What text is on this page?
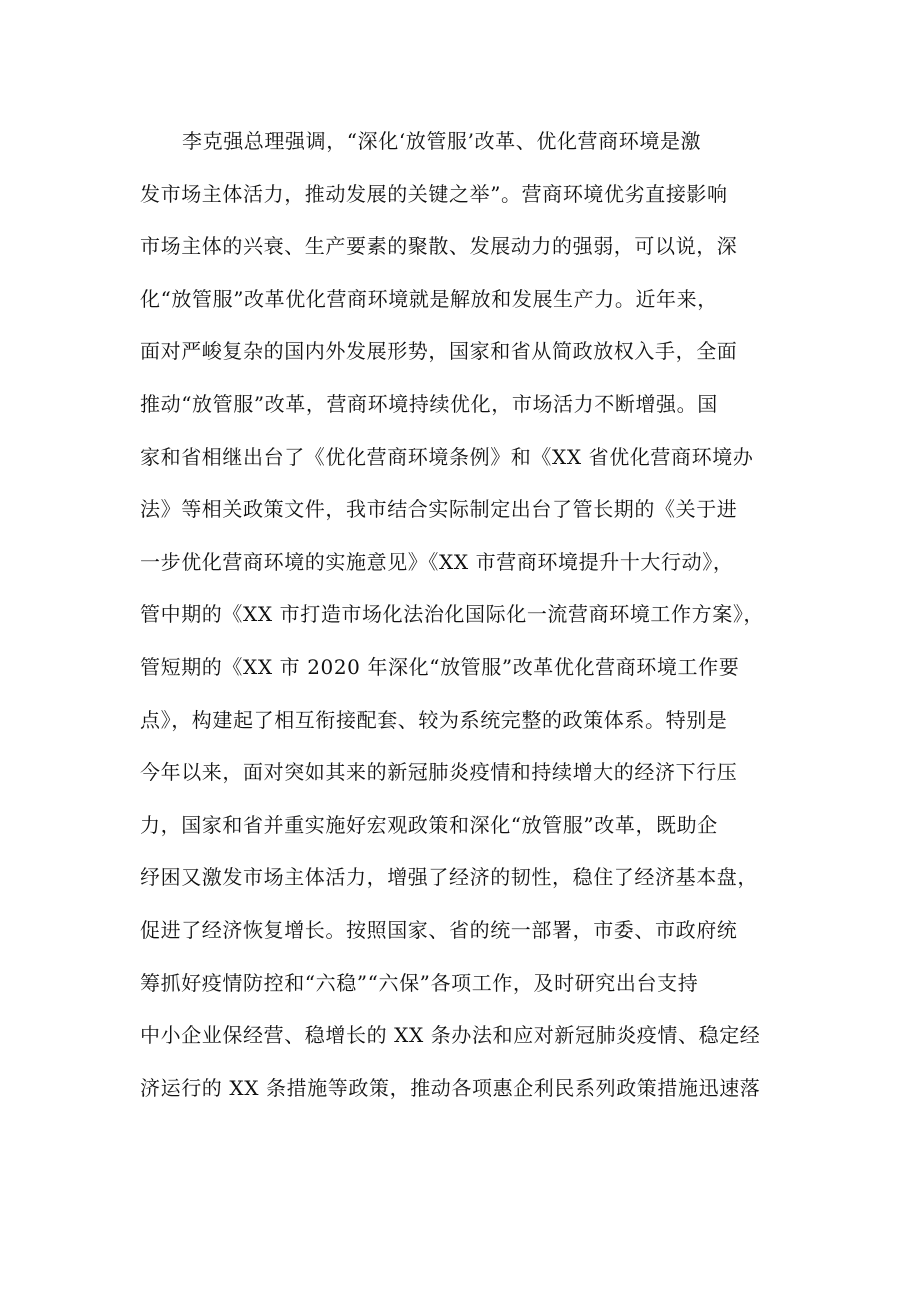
李克强总理强调，“深化‘放管服’改革、优化营商环境是激
发市场主体活力，推动发展的关键之举”。营商环境优劣直接影响
市场主体的兴衰、生产要素的聚散、发展动力的强弱，可以说，深
化“放管服”改革优化营商环境就是解放和发展生产力。近年来，
面对严峻复杂的国内外发展形势，国家和省从简政放权入手，全面
推动“放管服”改革，营商环境持续优化，市场活力不断增强。国
家和省相继出台了《优化营商环境条例》和《XX 省优化营商环境办
法》等相关政策文件，我市结合实际制定出台了管长期的《关于进
一步优化营商环境的实施意见》《XX 市营商环境提升十大行动》，
管中期的《XX 市打造市场化法治化国际化一流营商环境工作方案》，
管短期的《XX 市 2020 年深化“放管服”改革优化营商环境工作要
点》，构建起了相互衔接配套、较为系统完整的政策体系。特别是
今年以来，面对突如其来的新冠肺炎疫情和持续增大的经济下行压
力，国家和省并重实施好宏观政策和深化“放管服”改革，既助企
纾困又激发市场主体活力，增强了经济的韧性，稳住了经济基本盘，
促进了经济恢复增长。按照国家、省的统一部署，市委、市政府统
筹抓好疫情防控和“六稳”“六保”各项工作，及时研究出台支持
中小企业保经营、稳增长的 XX 条办法和应对新冠肺炎疫情、稳定经
济运行的 XX 条措施等政策，推动各项惠企利民系列政策措施迅速落
